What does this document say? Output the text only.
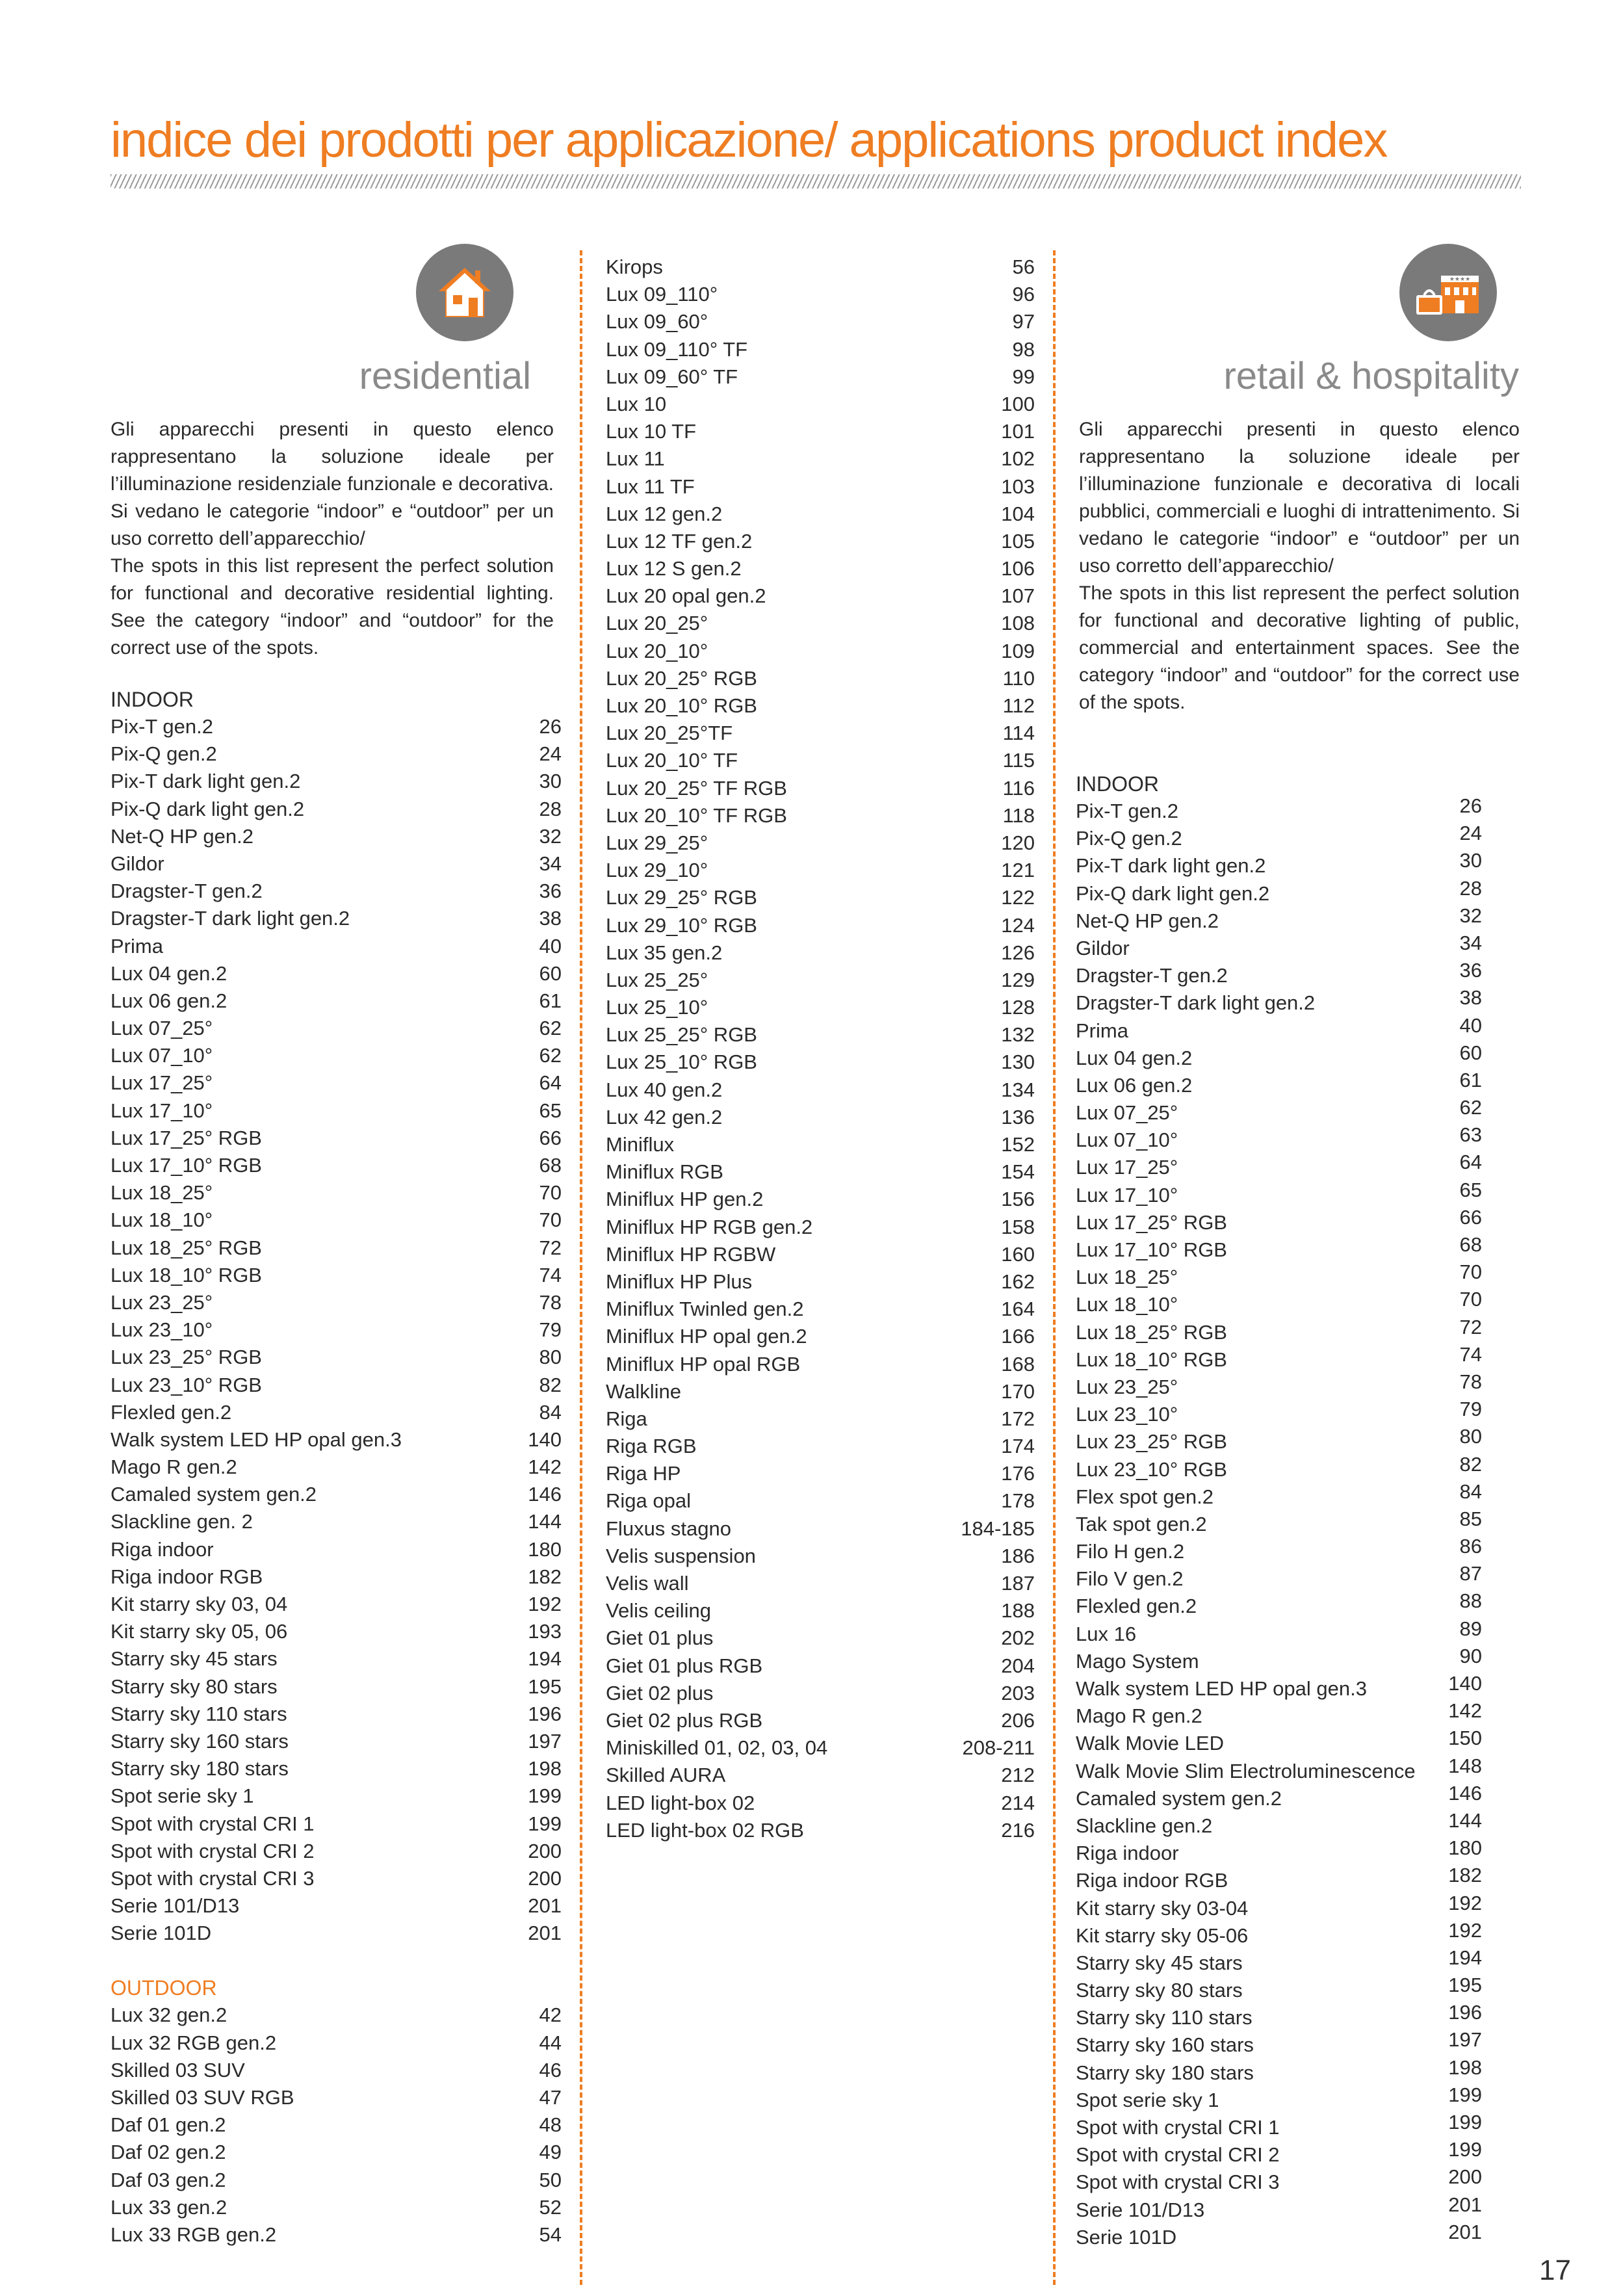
indice dei prodotti per applicazione/ applications product index
residential

Gli apparecchi presenti in questo elenco rappresentano la soluzione ideale per l’illuminazione residenziale funzionale e decorativa. Si vedano le categorie “indoor” e “outdoor” per un uso corretto dell’apparecchio/

The spots in this list represent the perfect solution for functional and decorative residential lighting. See the category “indoor” and “outdoor” for the correct use of the spots.

INDOOR
Pix-T gen.2	26
Pix-Q gen.2	24
Pix-T dark light gen.2	30
Pix-Q dark light gen.2	28
Net-Q HP gen.2	32
Gildor	34
Dragster-T gen.2	36
Dragster-T dark light gen.2	38
Prima	40
Lux 04 gen.2	60
Lux 06 gen.2	61
Lux 07_25°	62
Lux 07_10°	62
Lux 17_25°	64
Lux 17_10°	65
Lux 17_25° RGB	66
Lux 17_10° RGB	68
Lux 18_25°	70
Lux 18_10°	70
Lux 18_25° RGB	72
Lux 18_10° RGB	74
Lux 23_25°	78
Lux 23_10°	79
Lux 23_25° RGB	80
Lux 23_10° RGB	82
Flexled gen.2	84
Walk system LED HP opal gen.3	140
Mago R gen.2	142
Camaled system gen.2	146
Slackline gen. 2	144
Riga indoor	180
Riga indoor RGB	182
Kit starry sky 03, 04	192
Kit starry sky 05, 06	193
Starry sky 45 stars	194
Starry sky 80 stars	195
Starry sky 110 stars	196
Starry sky 160 stars	197
Starry sky 180 stars	198
Spot serie sky 1	199
Spot with crystal CRI 1	199
Spot with crystal CRI 2	200
Spot with crystal CRI 3	200
Serie 101/D13	201
Serie 101D	201
OUTDOOR
Lux 32 gen.2	42
Lux 32 RGB gen.2	44
Skilled 03 SUV	46
Skilled 03 SUV RGB	47
Daf 01 gen.2	48
Daf 02 gen.2	49
Daf 03 gen.2	50
Lux 33 gen.2	52
Lux 33 RGB gen.2	54
Kirops	56
Lux 09_110°	96
Lux 09_60°	97
Lux 09_110° TF	98
Lux 09_60° TF	99
Lux 10	100
Lux 10 TF	101
Lux 11	102
Lux 11 TF	103
Lux 12 gen.2	104
Lux 12 TF gen.2	105
Lux 12 S gen.2	106
Lux 20 opal gen.2	107
Lux 20_25°	108
Lux 20_10°	109
Lux 20_25° RGB	110
Lux 20_10° RGB	112
Lux 20_25°TF	114
Lux 20_10° TF	115
Lux 20_25° TF RGB	116
Lux 20_10° TF RGB	118
Lux 29_25°	120
Lux 29_10°	121
Lux 29_25° RGB	122
Lux 29_10° RGB	124
Lux 35 gen.2	126
Lux 25_25°	129
Lux 25_10°	128
Lux 25_25° RGB	132
Lux 25_10° RGB	130
Lux 40 gen.2	134
Lux 42 gen.2	136
Miniflux	152
Miniflux RGB	154
Miniflux HP gen.2	156
Miniflux HP RGB gen.2	158
Miniflux HP RGBW	160
Miniflux HP Plus	162
Miniflux Twinled gen.2	164
Miniflux HP opal gen.2	166
Miniflux HP opal RGB	168
Walkline	170
Riga	172
Riga RGB	174
Riga HP	176
Riga opal	178
Fluxus stagno	184-185
Velis suspension	186
Velis wall	187
Velis ceiling	188
Giet 01 plus	202
Giet 01 plus RGB	204
Giet 02 plus	203
Giet 02 plus RGB	206
Miniskilled 01, 02, 03, 04	208-211
Skilled AURA	212
LED light-box 02	214
LED light-box 02 RGB	216
★★★★
retail & hospitality

Gli apparecchi presenti in questo elenco rappresentano la soluzione ideale per l’illuminazione funzionale e decorativa di locali pubblici, commerciali e luoghi di intrattenimento. Si vedano le categorie “indoor” e “outdoor” per un uso corretto dell’apparecchio/

The spots in this list represent the perfect solution for functional and decorative lighting of public, commercial and entertainment spaces. See the category “indoor” and “outdoor” for the correct use of the spots.

INDOOR
Pix-T gen.2	26
Pix-Q gen.2	24
Pix-T dark light gen.2	30
Pix-Q dark light gen.2	28
Net-Q HP gen.2	32
Gildor	34
Dragster-T gen.2	36
Dragster-T dark light gen.2	38
Prima	40
Lux 04 gen.2	60
Lux 06 gen.2	61
Lux 07_25°	62
Lux 07_10°	63
Lux 17_25°	64
Lux 17_10°	65
Lux 17_25° RGB	66
Lux 17_10° RGB	68
Lux 18_25°	70
Lux 18_10°	70
Lux 18_25° RGB	72
Lux 18_10° RGB	74
Lux 23_25°	78
Lux 23_10°	79
Lux 23_25° RGB	80
Lux 23_10° RGB	82
Flex spot gen.2	84
Tak spot gen.2	85
Filo H gen.2	86
Filo V gen.2	87
Flexled gen.2	88
Lux 16	89
Mago System	90
Walk system LED HP opal gen.3	140
Mago R gen.2	142
Walk Movie LED	150
Walk Movie Slim Electroluminescence	148
Camaled system gen.2	146
Slackline gen.2	144
Riga indoor	180
Riga indoor RGB	182
Kit starry sky 03-04	192
Kit starry sky 05-06	192
Starry sky 45 stars	194
Starry sky 80 stars	195
Starry sky 110 stars	196
Starry sky 160 stars	197
Starry sky 180 stars	198
Spot serie sky 1	199
Spot with crystal CRI 1	199
Spot with crystal CRI 2	199
Spot with crystal CRI 3	200
Serie 101/D13	201
Serie 101D	201
17
